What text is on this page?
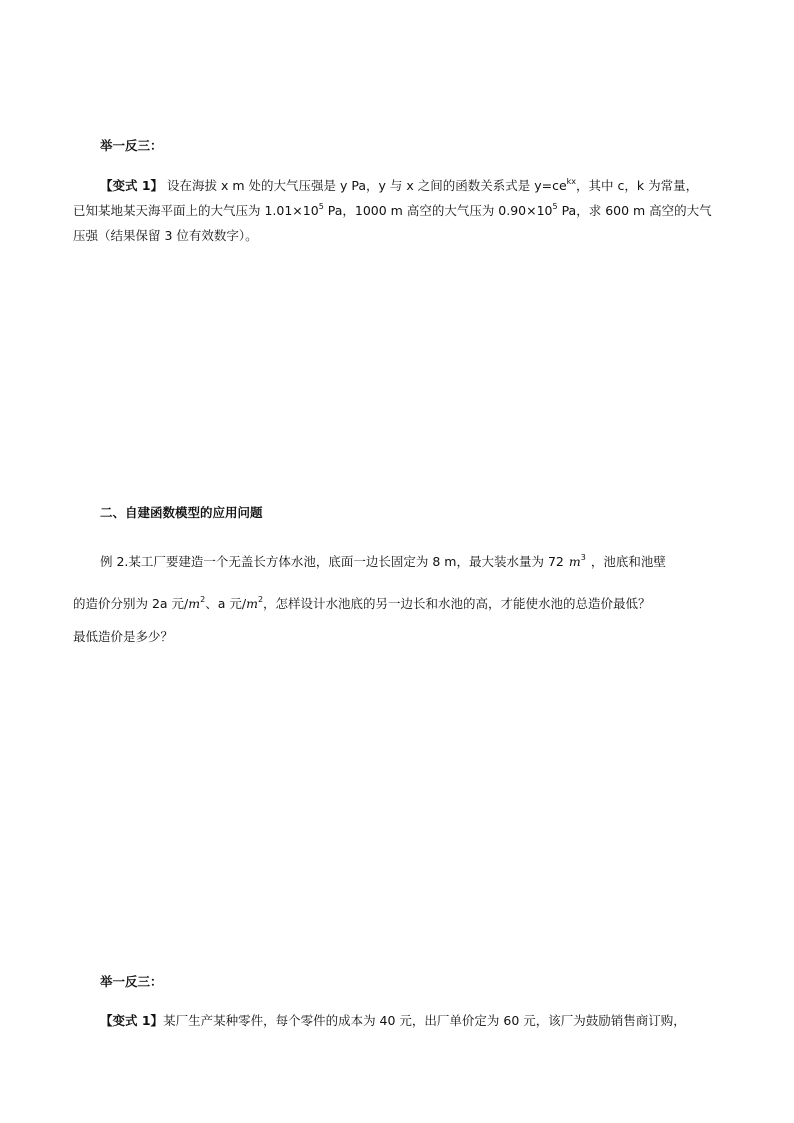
举一反三：
【变式 1】 设在海拔 x m 处的大气压强是 y Pa，y 与 x 之间的函数关系式是 $y=ce^{kx}$，其中 c，k 为常量，
已知某地某天海平面上的大气压为 $1.01\times 10^5$ Pa，1000 m 高空的大气压为 $0.90\times 10^5$ Pa，求 600 m 高空的大气
压强（结果保留 3 位有效数字）。
二、自建函数模型的应用问题
例 2.某工厂要建造一个无盖长方体水池，底面一边长固定为 8 m，最大装水量为 72 $m^3$ ，池底和池壁
的造价分别为 2a 元$/m^2$、a 元$/m^2$，怎样设计水池底的另一边长和水池的高，才能使水池的总造价最低？
最低造价是多少？
举一反三：
【变式 1】某厂生产某种零件，每个零件的成本为 40 元，出厂单价定为 60 元，该厂为鼓励销售商订购，
